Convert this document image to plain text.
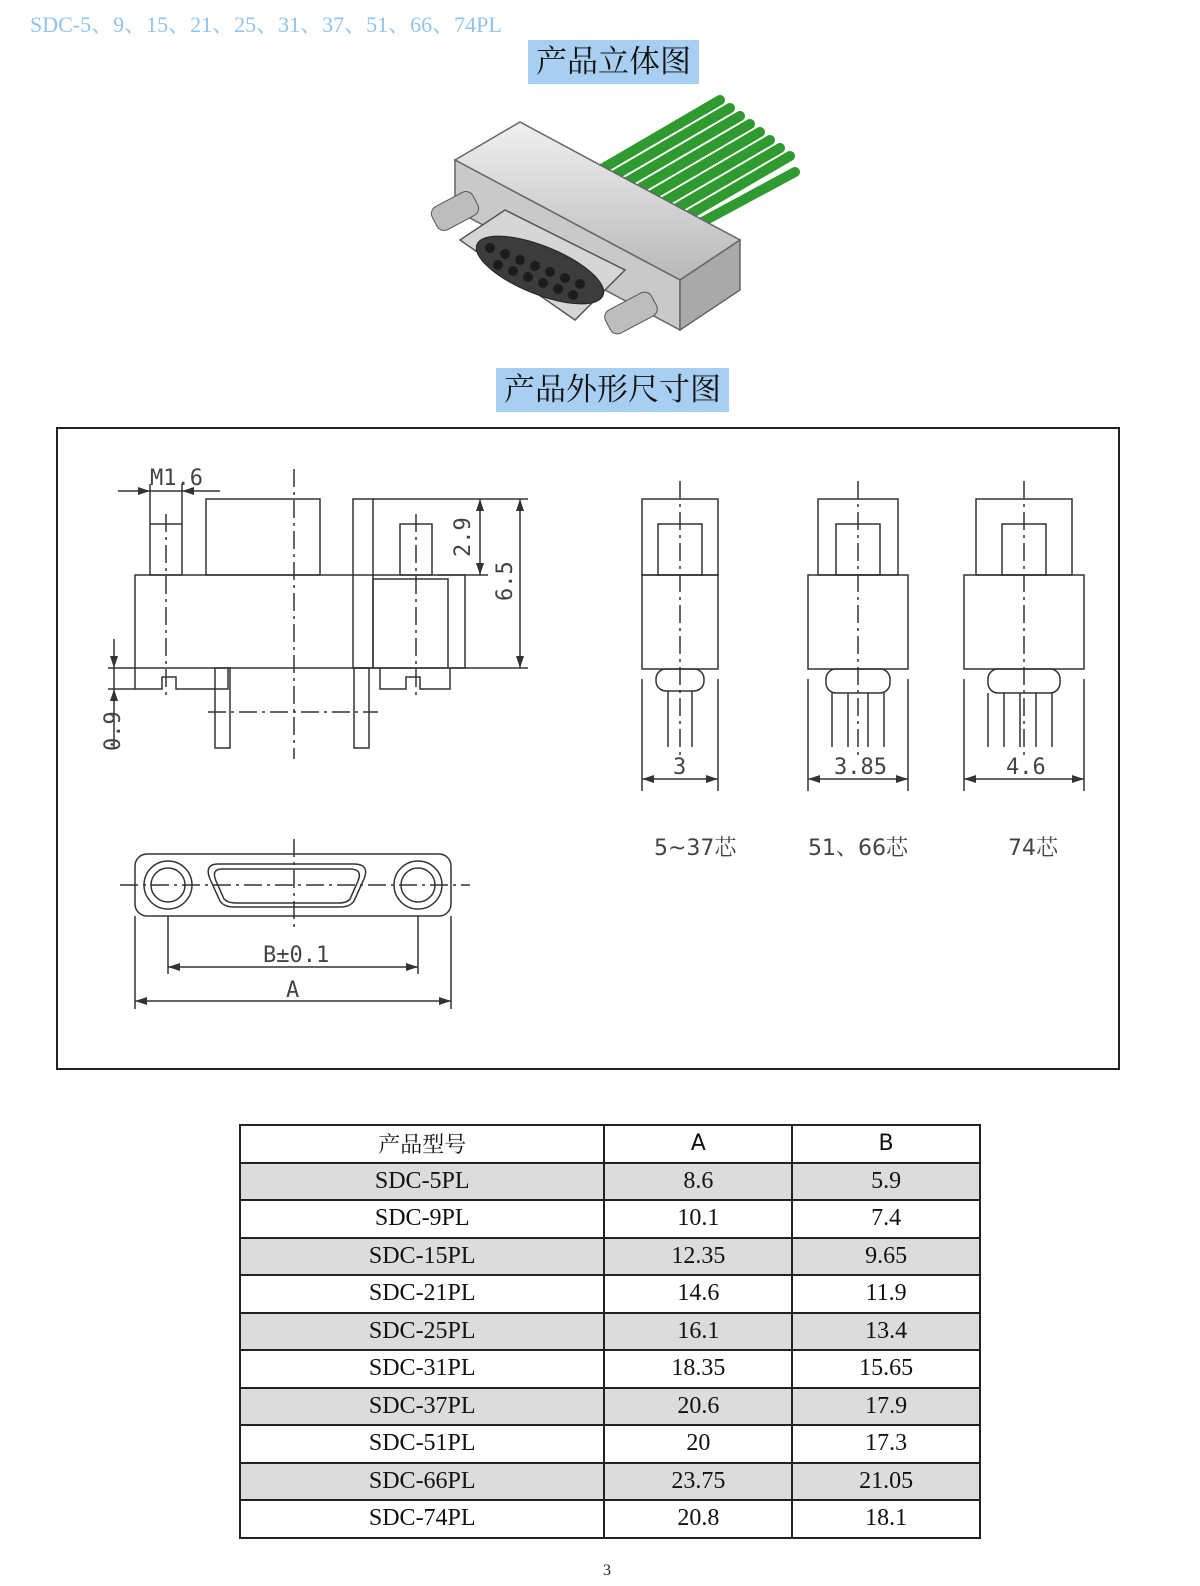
SDC-5、9、15、21、25、31、37、51、66、74PL
产品立体图
产品外形尺寸图
M1.6
2.9
6.5
0.9
3	3.85	4.6
B±0.1
A
5~37芯	51、66芯	74芯
产品型号	A	B
SDC-5PL	8.6	5.9
SDC-9PL	10.1	7.4
SDC-15PL	12.35	9.65
SDC-21PL	14.6	11.9
SDC-25PL	16.1	13.4
SDC-31PL	18.35	15.65
SDC-37PL	20.6	17.9
SDC-51PL	20	17.3
SDC-66PL	23.75	21.05
SDC-74PL	20.8	18.1
3
